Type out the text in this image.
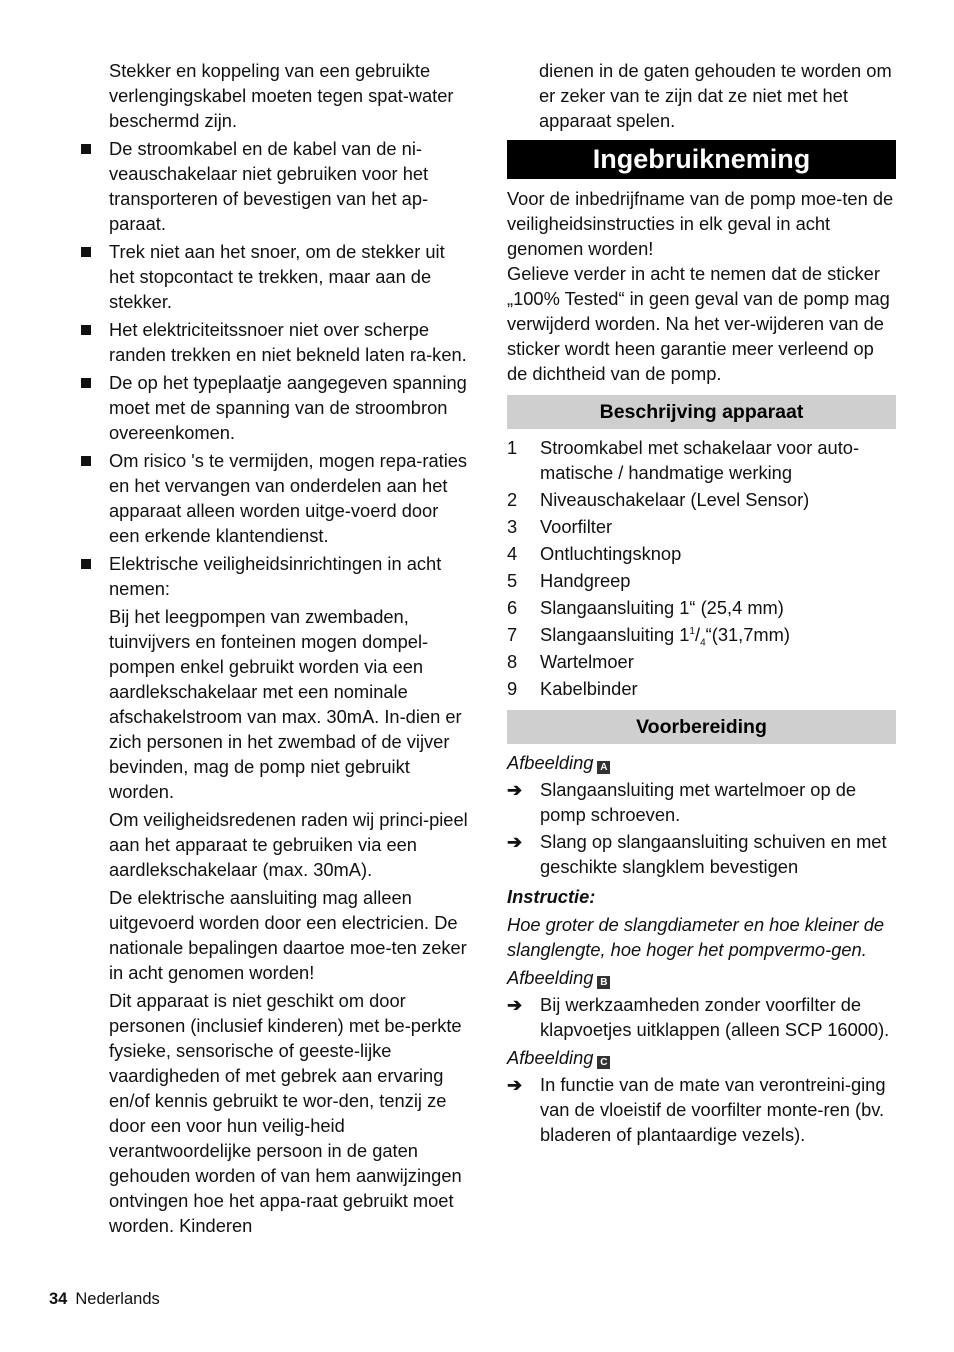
Stekker en koppeling van een gebruikte verlengingskabel moeten tegen spat-water beschermd zijn.

De stroomkabel en de kabel van de ni-veauschakelaar niet gebruiken voor het transporteren of bevestigen van het ap-paraat.
Trek niet aan het snoer, om de stekker uit het stopcontact te trekken, maar aan de stekker.
Het elektriciteitssnoer niet over scherpe randen trekken en niet bekneld laten ra-ken.
De op het typeplaatje aangegeven spanning moet met de spanning van de stroombron overeenkomen.
Om risico 's te vermijden, mogen repa-raties en het vervangen van onderdelen aan het apparaat alleen worden uitge-voerd door een erkende klantendienst.
Elektrische veiligheidsinrichtingen in acht nemen:

Bij het leegpompen van zwembaden, tuinvijvers en fonteinen mogen dompel-pompen enkel gebruikt worden via een aardlekschakelaar met een nominale afschakelstroom van max. 30mA. In-dien er zich personen in het zwembad of de vijver bevinden, mag de pomp niet gebruikt worden.

Om veiligheidsredenen raden wij princi-pieel aan het apparaat te gebruiken via een aardlekschakelaar (max. 30mA).

De elektrische aansluiting mag alleen uitgevoerd worden door een electricien. De nationale bepalingen daartoe moe-ten zeker in acht genomen worden!

Dit apparaat is niet geschikt om door personen (inclusief kinderen) met be-perkte fysieke, sensorische of geeste-lijke vaardigheden of met gebrek aan ervaring en/of kennis gebruikt te wor-den, tenzij ze door een voor hun veilig-heid verantwoordelijke persoon in de gaten gehouden worden of van hem aanwijzingen ontvingen hoe het appa-raat gebruikt moet worden. Kinderen

dienen in de gaten gehouden te worden om er zeker van te zijn dat ze niet met het apparaat spelen.

Ingebruikneming

Voor de inbedrijfname van de pomp moe-ten de veiligheidsinstructies in elk geval in acht genomen worden!

Gelieve verder in acht te nemen dat de sticker „100% Tested“ in geen geval van de pomp mag verwijderd worden. Na het ver-wijderen van de sticker wordt heen garantie meer verleend op de dichtheid van de pomp.

Beschrijving apparaat
1 Stroomkabel met schakelaar voor auto-matische / handmatige werking
2 Niveauschakelaar (Level Sensor)
3 Voorfilter
4 Ontluchtingsknop
5 Handgreep
6 Slangaansluiting 1“ (25,4 mm)
7 Slangaansluiting $1^1/_4“(31,7mm)$
8 Wartelmoer
9 Kabelbinder
Voorbereiding
Afbeelding A
➔ Slangaansluiting met wartelmoer op de pomp schroeven.
➔ Slang op slangaansluiting schuiven en met geschikte slangklem bevestigen
Instructie:
Hoe groter de slangdiameter en hoe kleiner de slanglengte, hoe hoger het pompvermo-gen.
Afbeelding B
➔ Bij werkzaamheden zonder voorfilter de klapvoetjes uitklappen (alleen SCP 16000).
Afbeelding C
➔ In functie van de mate van verontreini-ging van de vloeistif de voorfilter monte-ren (bv. bladeren of plantaardige vezels).
34 Nederlands
